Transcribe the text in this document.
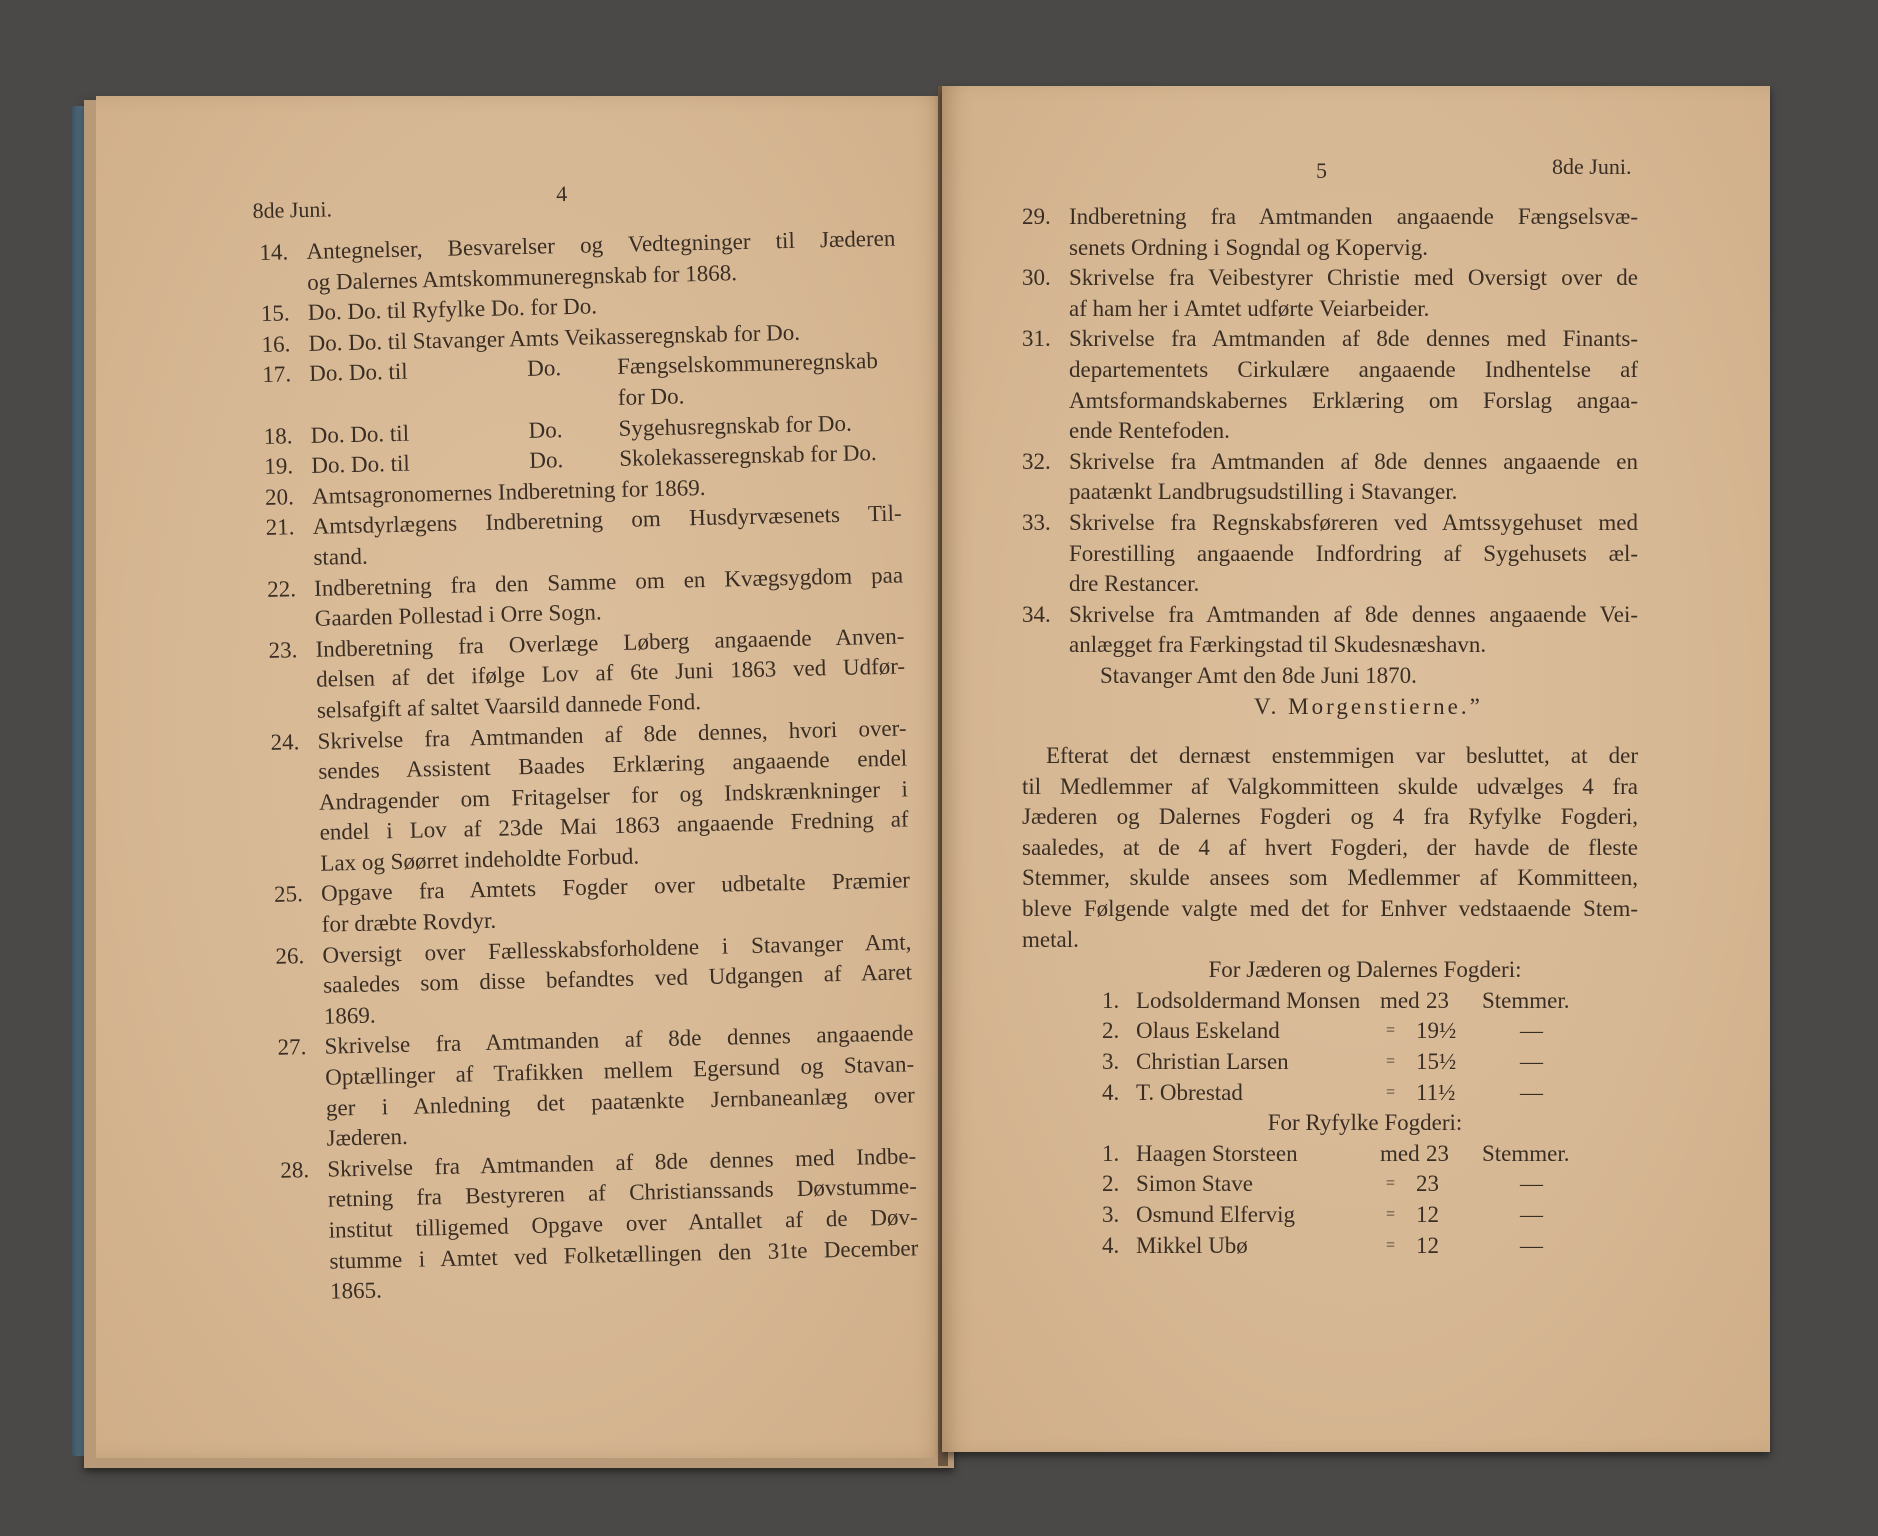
8de Juni.
4
14. Antegnelser, Besvarelser og Vedtegninger til Jæderen
og Dalernes Amtskommuneregnskab for 1868.
15. Do. Do. til Ryfylke Do. for Do.
16. Do. Do. til Stavanger Amts Veikasseregnskab for Do.
17. Do. Do. til	Do.	Fængselskommuneregnskab
for Do.
18. Do. Do. til	Do.	Sygehusregnskab for Do.
19. Do. Do. til	Do.	Skolekasseregnskab for Do.
20. Amtsagronomernes Indberetning for 1869.
21. Amtsdyrlægens Indberetning om Husdyrvæsenets Til-
stand.
22. Indberetning fra den Samme om en Kvægsygdom paa
Gaarden Pollestad i Orre Sogn.
23. Indberetning fra Overlæge Løberg angaaende Anven-
delsen af det ifølge Lov af 6te Juni 1863 ved Udfør-
selsafgift af saltet Vaarsild dannede Fond.
24. Skrivelse fra Amtmanden af 8de dennes, hvori over-
sendes Assistent Baades Erklæring angaaende endel
Andragender om Fritagelser for og Indskrænkninger i
endel i Lov af 23de Mai 1863 angaaende Fredning af
Lax og Søørret indeholdte Forbud.
25. Opgave fra Amtets Fogder over udbetalte Præmier
for dræbte Rovdyr.
26. Oversigt over Fællesskabsforholdene i Stavanger Amt,
saaledes som disse befandtes ved Udgangen af Aaret
1869.
27. Skrivelse fra Amtmanden af 8de dennes angaaende
Optællinger af Trafikken mellem Egersund og Stavan-
ger i Anledning det paatænkte Jernbaneanlæg over
Jæderen.
28. Skrivelse fra Amtmanden af 8de dennes med Indbe-
retning fra Bestyreren af Christianssands Døvstumme-
institut tilligemed Opgave over Antallet af de Døv-
stumme i Amtet ved Folketællingen den 31te December
1865.
5	8de Juni.
29. Indberetning fra Amtmanden angaaende Fængselsvæ-
senets Ordning i Sogndal og Kopervig.
30. Skrivelse fra Veibestyrer Christie med Oversigt over de
af ham her i Amtet udførte Veiarbeider.
31. Skrivelse fra Amtmanden af 8de dennes med Finants-
departementets Cirkulære angaaende Indhentelse af
Amtsformandskabernes Erklæring om Forslag angaa-
ende Rentefoden.
32. Skrivelse fra Amtmanden af 8de dennes angaaende en
paatænkt Landbrugsudstilling i Stavanger.
33. Skrivelse fra Regnskabsføreren ved Amtssygehuset med
Forestilling angaaende Indfordring af Sygehusets æl-
dre Restancer.
34. Skrivelse fra Amtmanden af 8de dennes angaaende Vei-
anlægget fra Færkingstad til Skudesnæshavn.
Stavanger Amt den 8de Juni 1870.
V. Morgenstierne.”
Efterat det dernæst enstemmigen var besluttet, at der
til Medlemmer af Valgkommitteen skulde udvælges 4 fra
Jæderen og Dalernes Fogderi og 4 fra Ryfylke Fogderi,
saaledes, at de 4 af hvert Fogderi, der havde de fleste
Stemmer, skulde ansees som Medlemmer af Kommitteen,
bleve Følgende valgte med det for Enhver vedstaaende Stem-
metal.
For Jæderen og Dalernes Fogderi:
1. Lodsoldermand Monsen med 23 Stemmer.
2. Olaus Eskeland	= 19½	—
3. Christian Larsen	= 15½	—
4. T. Obrestad	= 11½	—
For Ryfylke Fogderi:
1. Haagen Storsteen	med 23 Stemmer.
2. Simon Stave	= 23	—
3. Osmund Elfervig	= 12	—
4. Mikkel Ubø	= 12	—
